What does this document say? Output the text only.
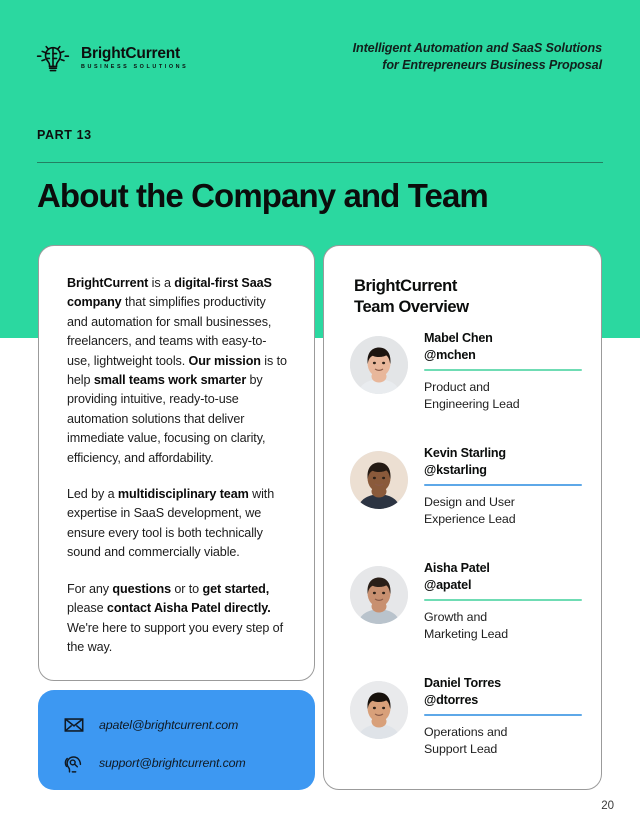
BrightCurrent
BUSINESS SOLUTIONS
Intelligent Automation and SaaS Solutions
for Entrepreneurs Business Proposal
PART 13
About the Company and Team

BrightCurrent is a digital-first SaaS company that simplifies productivity and automation for small businesses, freelancers, and teams with easy-to-use, lightweight tools. Our mission is to help small teams work smarter by providing intuitive, ready-to-use automation solutions that deliver immediate value, focusing on clarity, efficiency, and affordability.

Led by a multidisciplinary team with expertise in SaaS development, we ensure every tool is both technically sound and commercially viable.

For any questions or to get started, please contact Aisha Patel directly. We're here to support you every step of the way.

apatel@brightcurrent.com
support@brightcurrent.com
BrightCurrent
Team Overview
Mabel Chen
@mchen
Product and
Engineering Lead
Kevin Starling
@kstarling
Design and User
Experience Lead
Aisha Patel
@apatel
Growth and
Marketing Lead
Daniel Torres
@dtorres
Operations and
Support Lead
20
